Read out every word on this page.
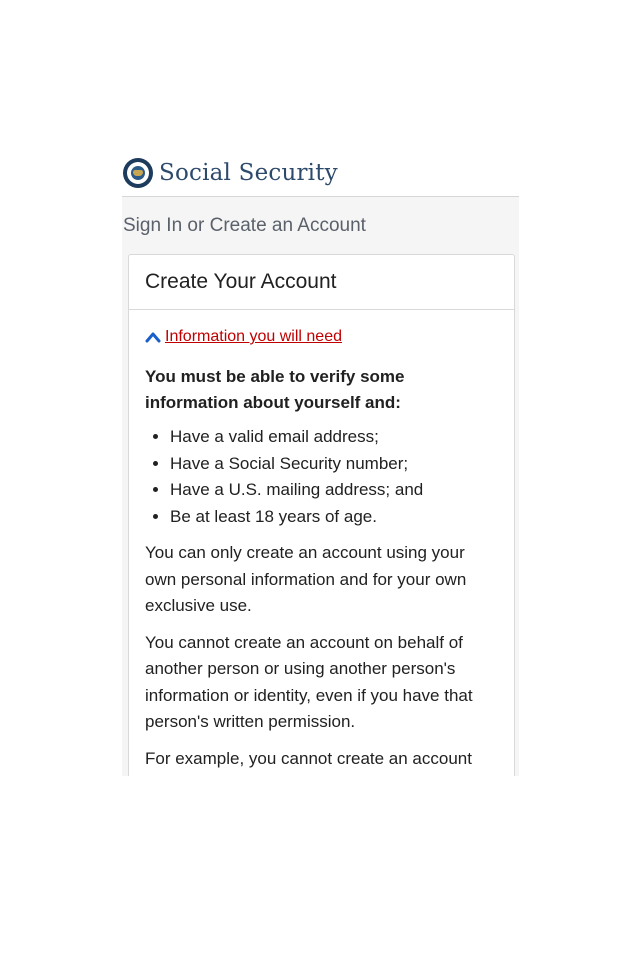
Social Security
Sign In or Create an Account
Create Your Account
Information you will need

You must be able to verify some information about yourself and:

• Have a valid email address;
• Have a Social Security number;
• Have a U.S. mailing address; and
• Be at least 18 years of age.

You can only create an account using your own personal information and for your own exclusive use.

You cannot create an account on behalf of another person or using another person's information or identity, even if you have that person's written permission.

For example, you cannot create an account
